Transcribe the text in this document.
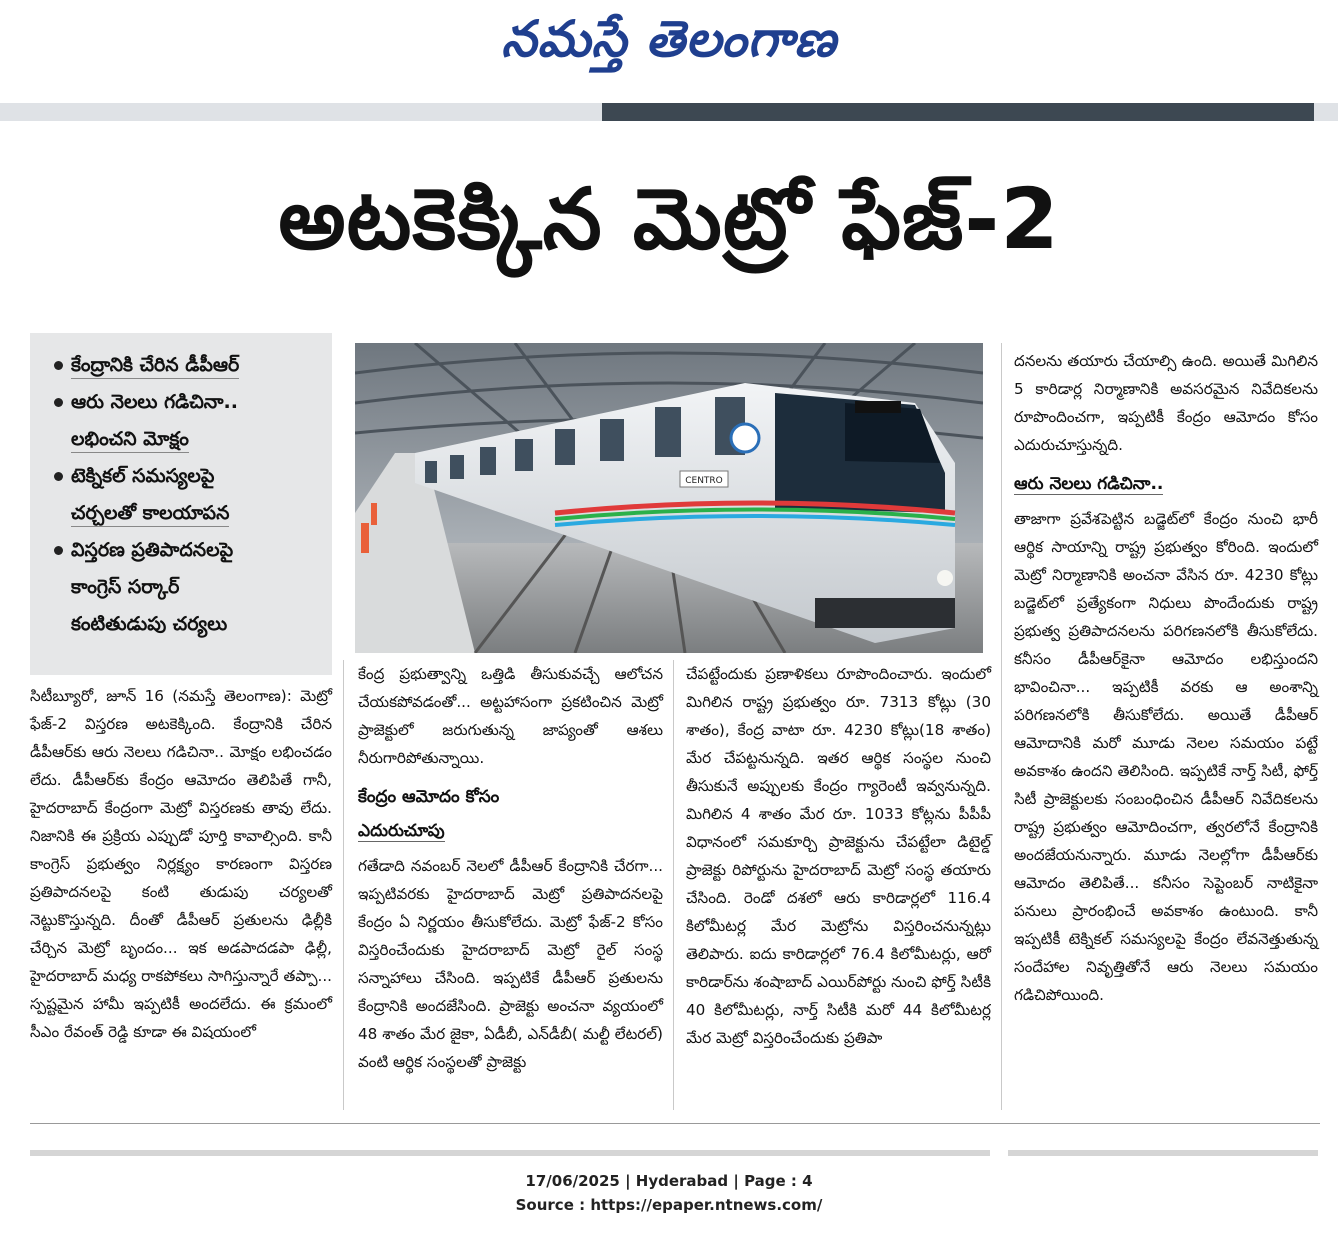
నమస్తే తెలంగాణ
అటకెక్కిన మెట్రో ఫేజ్-2
కేంద్రానికి చేరిన డీపీఆర్
ఆరు నెలలు గడిచినా..
లభించని మోక్షం
టెక్నికల్ సమస్యలపై
చర్చలతో కాలయాపన
విస్తరణ ప్రతిపాదనలపై
కాంగ్రెస్ సర్కార్
కంటితుడుపు చర్యలు
CENTRO

సిటీబ్యూరో, జూన్ 16 (నమస్తే తెలంగాణ): మెట్రో ఫేజ్-2 విస్తరణ అటకెక్కింది. కేంద్రానికి చేరిన డీపీఆర్‌కు ఆరు నెలలు గడిచినా.. మోక్షం లభించడం లేదు. డీపీఆర్‌కు కేంద్రం ఆమోదం తెలిపితే గానీ, హైదరాబాద్ కేంద్రంగా మెట్రో విస్తరణకు తావు లేదు. నిజానికి ఈ ప్రక్రియ ఎప్పుడో పూర్తి కావాల్సింది. కానీ కాంగ్రెస్ ప్రభుత్వం నిర్లక్ష్యం కారణంగా విస్తరణ ప్రతిపాదనలపై కంటి తుడుపు చర్యలతో నెట్టుకొస్తున్నది. దీంతో డీపీఆర్ ప్రతులను ఢిల్లీకి చేర్చిన మెట్రో బృందం... ఇక అడపాదడపా ఢిల్లీ, హైదరాబాద్ మధ్య రాకపోకలు సాగిస్తున్నారే తప్పా... స్పష్టమైన హామీ ఇప్పటికీ అందలేదు. ఈ క్రమంలో సీఎం రేవంత్ రెడ్డి కూడా ఈ విషయంలో

కేంద్ర ప్రభుత్వాన్ని ఒత్తిడి తీసుకువచ్చే ఆలోచన చేయకపోవడంతో... అట్టహాసంగా ప్రకటించిన మెట్రో ప్రాజెక్టులో జరుగుతున్న జాప్యంతో ఆశలు నీరుగారిపోతున్నాయి.

కేంద్రం ఆమోదం కోసం
ఎదురుచూపు

గతేడాది నవంబర్ నెలలో డీపీఆర్ కేంద్రానికి చేరగా... ఇప్పటివరకు హైదరాబాద్ మెట్రో ప్రతిపాదనలపై కేంద్రం ఏ నిర్ణయం తీసుకోలేదు. మెట్రో ఫేజ్-2 కోసం విస్తరించేందుకు హైదరాబాద్ మెట్రో రైల్ సంస్థ సన్నాహాలు చేసింది. ఇప్పటికే డీపీఆర్ ప్రతులను కేంద్రానికి అందజేసింది. ప్రాజెక్టు అంచనా వ్యయంలో 48 శాతం మేర జైకా, ఏడీబీ, ఎన్‌డీబీ( మల్టీ లేటరల్) వంటి ఆర్థిక సంస్థలతో ప్రాజెక్టు

చేపట్టేందుకు ప్రణాళికలు రూపొందించారు. ఇందులో మిగిలిన రాష్ట్ర ప్రభుత్వం రూ. 7313 కోట్లు (30 శాతం), కేంద్ర వాటా రూ. 4230 కోట్లు(18 శాతం) మేర చేపట్టనున్నది. ఇతర ఆర్థిక సంస్థల నుంచి తీసుకునే అప్పులకు కేంద్రం గ్యారెంటీ ఇవ్వనున్నది. మిగిలిన 4 శాతం మేర రూ. 1033 కోట్లను పీపీపీ విధానంలో సమకూర్చి ప్రాజెక్టును చేపట్టేలా డిటైల్డ్ ప్రాజెక్టు రిపోర్టును హైదరాబాద్ మెట్రో సంస్థ తయారు చేసింది. రెండో దశలో ఆరు కారిడార్లలో 116.4 కిలోమీటర్ల మేర మెట్రోను విస్తరించనున్నట్లు తెలిపారు. ఐదు కారిడార్లలో 76.4 కిలోమీటర్లు, ఆరో కారిడార్‌ను శంషాబాద్ ఎయిర్‌పోర్టు నుంచి ఫోర్త్ సిటీకి 40 కిలోమీటర్లు, నార్త్ సిటీకి మరో 44 కిలోమీటర్ల మేర మెట్రో విస్తరించేందుకు ప్రతిపా

దనలను తయారు చేయాల్సి ఉంది. అయితే మిగిలిన 5 కారిడార్ల నిర్మాణానికి అవసరమైన నివేదికలను రూపొందించగా, ఇప్పటికీ కేంద్రం ఆమోదం కోసం ఎదురుచూస్తున్నది.

ఆరు నెలలు గడిచినా..

తాజాగా ప్రవేశపెట్టిన బడ్జెట్‌లో కేంద్రం నుంచి భారీ ఆర్థిక సాయాన్ని రాష్ట్ర ప్రభుత్వం కోరింది. ఇందులో మెట్రో నిర్మాణానికి అంచనా వేసిన రూ. 4230 కోట్లు బడ్జెట్‌లో ప్రత్యేకంగా నిధులు పొందేందుకు రాష్ట్ర ప్రభుత్వ ప్రతిపాదనలను పరిగణనలోకి తీసుకోలేదు. కనీసం డీపీఆర్‌కైనా ఆమోదం లభిస్తుందని భావించినా... ఇప్పటికీ వరకు ఆ అంశాన్ని పరిగణనలోకి తీసుకోలేదు. అయితే డీపీఆర్ ఆమోదానికి మరో మూడు నెలల సమయం పట్టే అవకాశం ఉందని తెలిసింది. ఇప్పటికే నార్త్ సిటీ, ఫోర్త్ సిటీ ప్రాజెక్టులకు సంబంధించిన డీపీఆర్ నివేదికలను రాష్ట్ర ప్రభుత్వం ఆమోదించగా, త్వరలోనే కేంద్రానికి అందజేయనున్నారు. మూడు నెలల్లోగా డీపీఆర్‌కు ఆమోదం తెలిపితే... కనీసం సెప్టెంబర్ నాటికైనా పనులు ప్రారంభించే అవకాశం ఉంటుంది. కానీ ఇప్పటికీ టెక్నికల్ సమస్యలపై కేంద్రం లేవనెత్తుతున్న సందేహాల నివృత్తితోనే ఆరు నెలలు సమయం గడిచిపోయింది.

17/06/2025 | Hyderabad | Page : 4
Source : https://epaper.ntnews.com/
